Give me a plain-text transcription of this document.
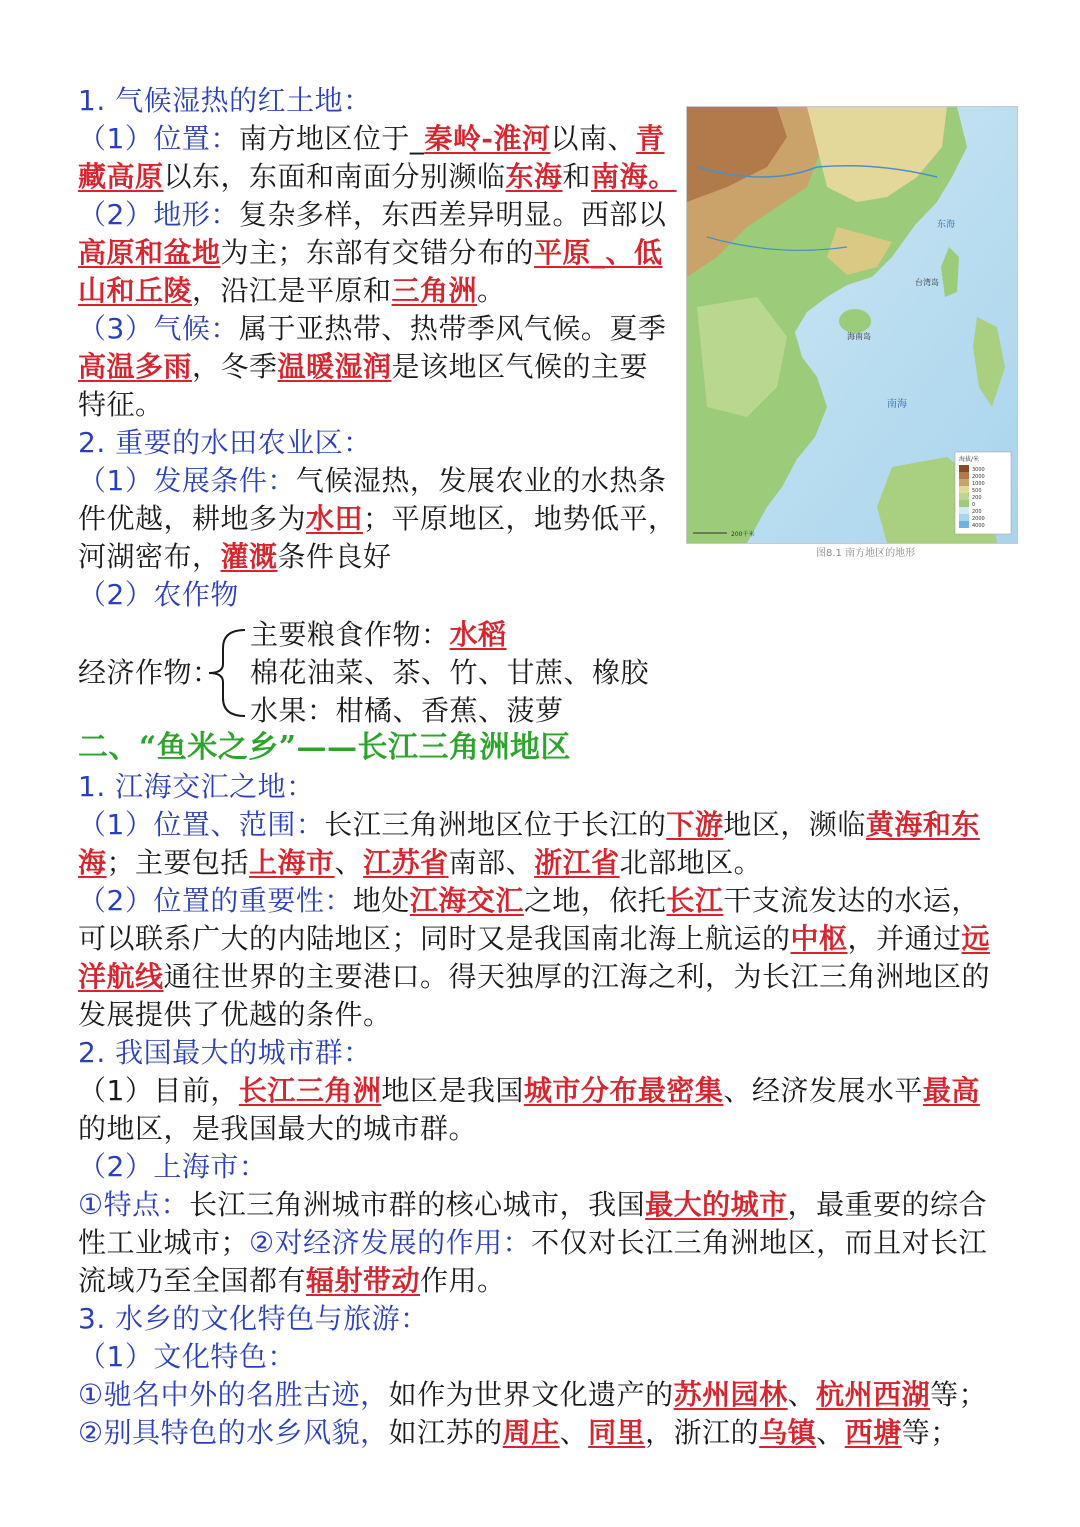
1. 气候湿热的红土地：
（1）位置：南方地区位于_秦岭-淮河以南、青
藏高原以东，东面和南面分别濒临东海和南海。
（2）地形：复杂多样，东西差异明显。西部以
高原和盆地为主；东部有交错分布的平原_、低
山和丘陵，沿江是平原和三角洲。
（3）气候：属于亚热带、热带季风气候。夏季
高温多雨，冬季温暖湿润是该地区气候的主要
特征。
2. 重要的水田农业区：
（1）发展条件：气候湿热，发展农业的水热条
件优越，耕地多为水田；平原地区，地势低平，
河湖密布，灌溉条件良好
（2）农作物
主要粮食作物：水稻
经济作物： 棉花油菜、茶、竹、甘蔗、橡胶
水果：柑橘、香蕉、菠萝
二、“鱼米之乡”——长江三角洲地区
1. 江海交汇之地：
（1）位置、范围：长江三角洲地区位于长江的下游地区，濒临黄海和东
海；主要包括上海市、江苏省南部、浙江省北部地区。
（2）位置的重要性：地处江海交汇之地，依托长江干支流发达的水运，
可以联系广大的内陆地区；同时又是我国南北海上航运的中枢，并通过远
洋航线通往世界的主要港口。得天独厚的江海之利，为长江三角洲地区的
发展提供了优越的条件。
2. 我国最大的城市群：
（1）目前，长江三角洲地区是我国城市分布最密集、经济发展水平最高
的地区，是我国最大的城市群。
（2）上海市：
①特点：长江三角洲城市群的核心城市，我国最大的城市，最重要的综合
性工业城市；②对经济发展的作用：不仅对长江三角洲地区，而且对长江
流域乃至全国都有辐射带动作用。
3. 水乡的文化特色与旅游：
（1）文化特色：
①驰名中外的名胜古迹，如作为世界文化遗产的苏州园林、杭州西湖等；
②别具特色的水乡风貌，如江苏的周庄、同里，浙江的乌镇、西塘等；
东海
南海
台湾岛
海南岛
海拔/米
3000
2000
1000
500
200
0
200
2000
4000
200千米
图8.1 南方地区的地形
